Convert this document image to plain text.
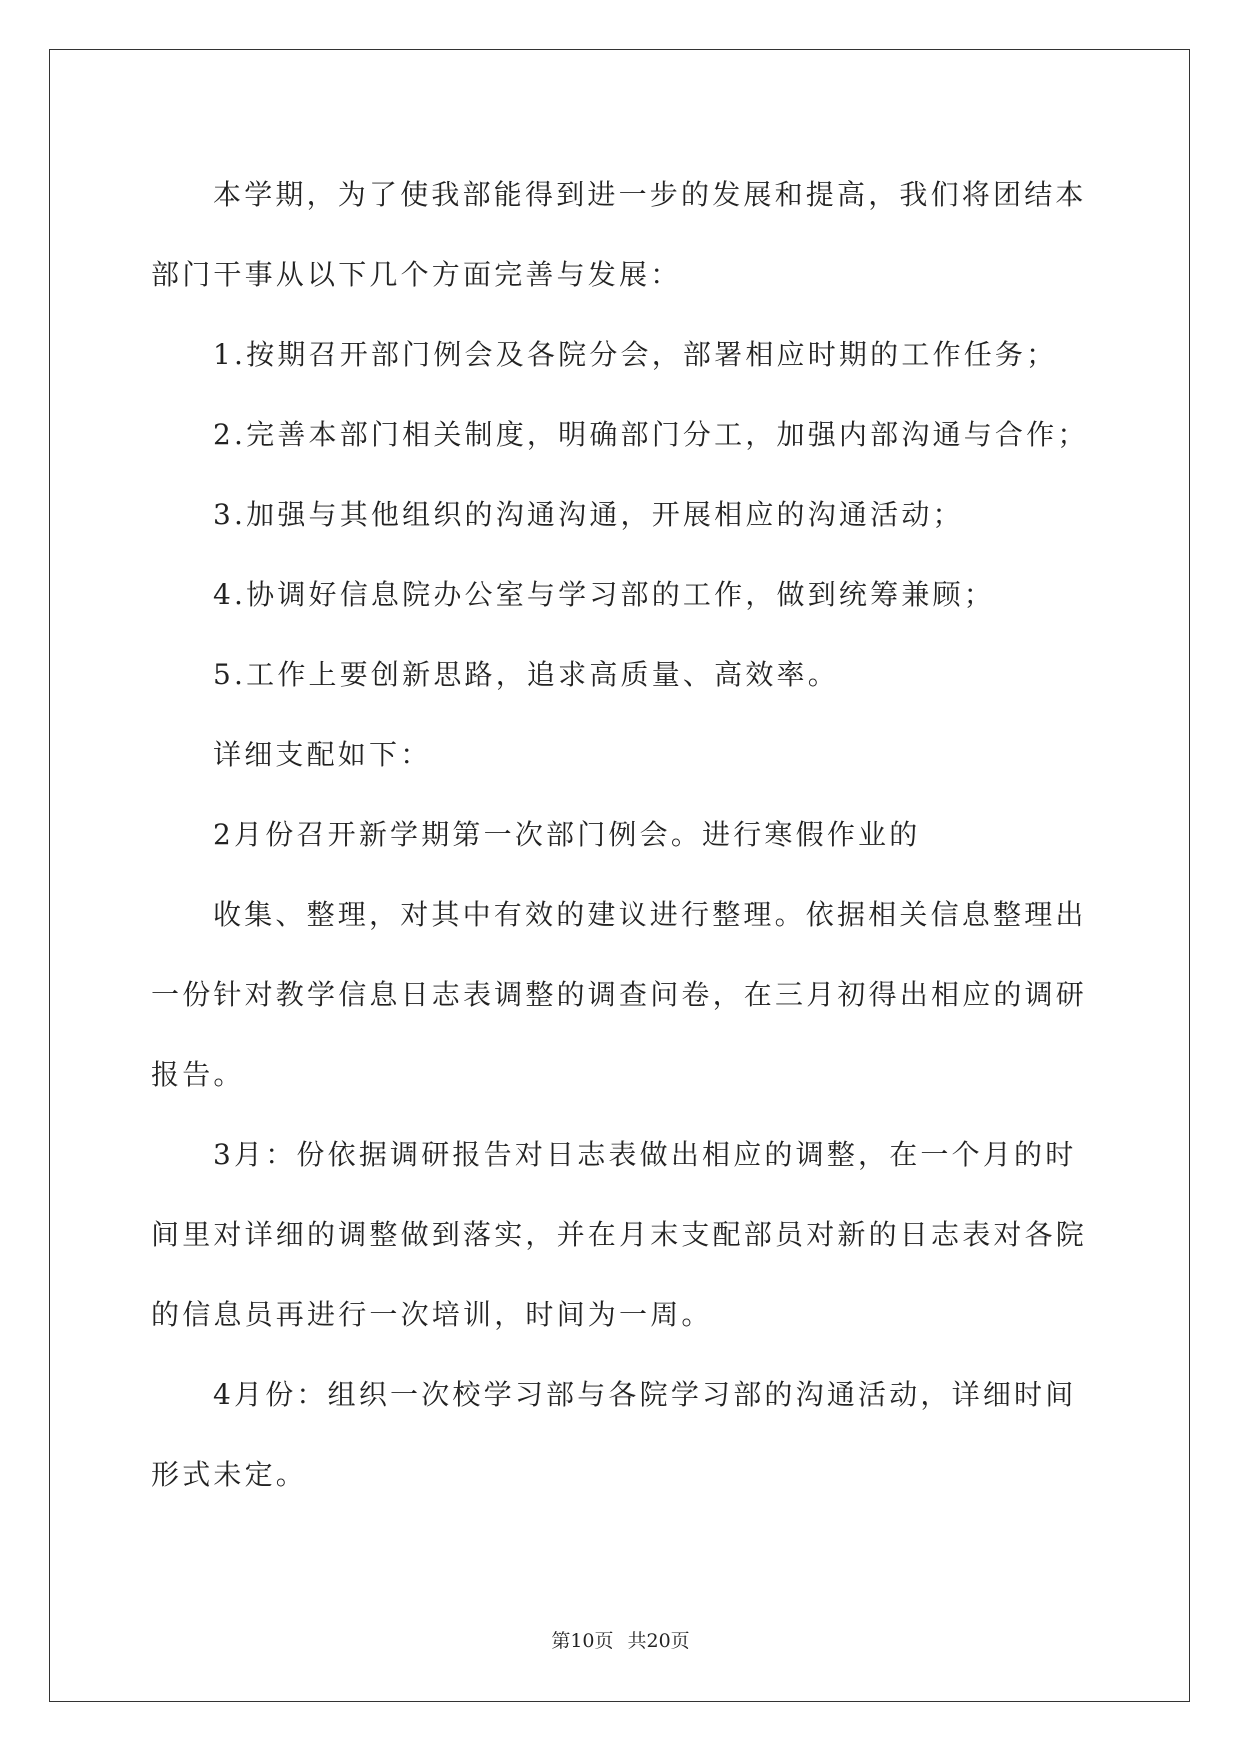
本学期，为了使我部能得到进一步的发展和提高，我们将团结本部门干事从以下几个方面完善与发展：

1.按期召开部门例会及各院分会，部署相应时期的工作任务；

2.完善本部门相关制度，明确部门分工，加强内部沟通与合作；

3.加强与其他组织的沟通沟通，开展相应的沟通活动；

4.协调好信息院办公室与学习部的工作，做到统筹兼顾；

5.工作上要创新思路，追求高质量、高效率。

详细支配如下：

2月份召开新学期第一次部门例会。进行寒假作业的

收集、整理，对其中有效的建议进行整理。依据相关信息整理出一份针对教学信息日志表调整的调查问卷，在三月初得出相应的调研报告。

3月：份依据调研报告对日志表做出相应的调整，在一个月的时间里对详细的调整做到落实，并在月末支配部员对新的日志表对各院的信息员再进行一次培训，时间为一周。

4月份：组织一次校学习部与各院学习部的沟通活动，详细时间形式未定。

第10页 共20页
